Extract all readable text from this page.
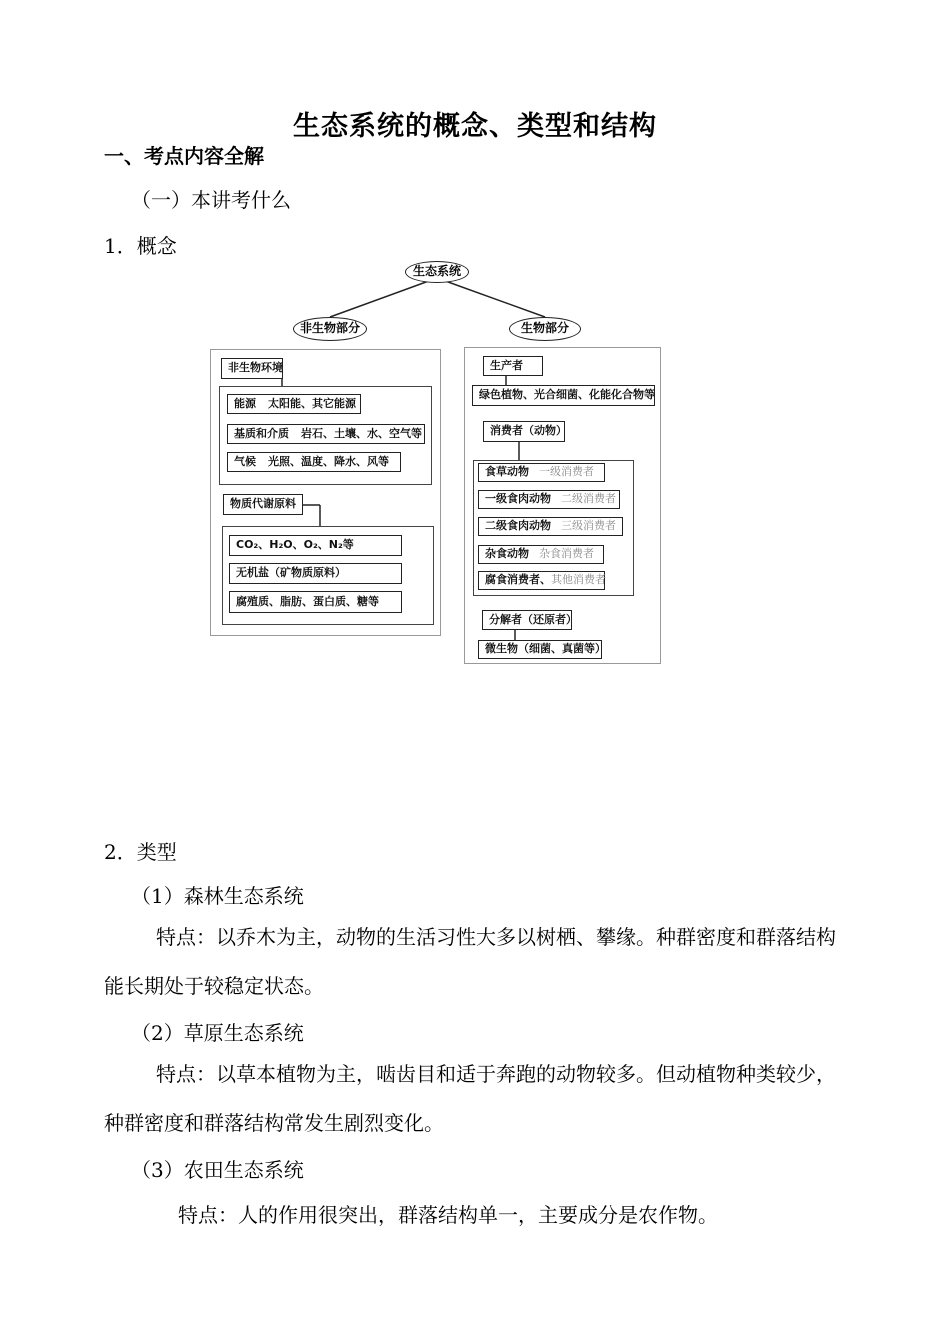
生态系统的概念、类型和结构
一、考点内容全解
（一）本讲考什么
1．概念
生态系统
非生物部分	生物部分
非生物环境
能源 太阳能、其它能源
基质和介质 岩石、土壤、水、空气等
气候 光照、温度、降水、风等
物质代谢原料
CO₂、H₂O、O₂、N₂等
无机盐（矿物质原料）
腐殖质、脂肪、蛋白质、糖等
生产者
绿色植物、光合细菌、化能化合物等
消费者（动物）
食草动物 一级消费者
一级食肉动物 二级消费者
二级食肉动物 三级消费者
杂食动物 杂食消费者
腐食消费者、其他消费者
分解者（还原者）
微生物（细菌、真菌等）
2．类型
（1）森林生态系统
特点：以乔木为主，动物的生活习性大多以树栖、攀缘。种群密度和群落结构能长期处于较稳定状态。
（2）草原生态系统
特点：以草本植物为主，啮齿目和适于奔跑的动物较多。但动植物种类较少，种群密度和群落结构常发生剧烈变化。
（3）农田生态系统
特点：人的作用很突出，群落结构单一，主要成分是农作物。
